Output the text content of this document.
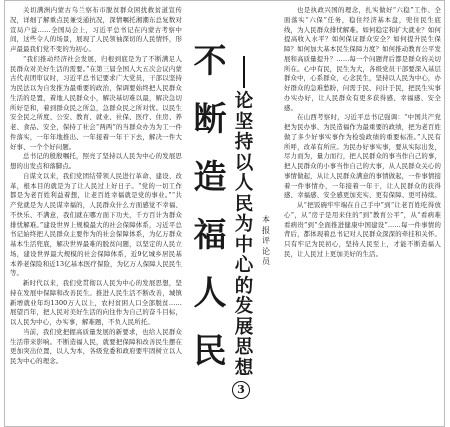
关切满洲内蒙古乌兰察布市脱贫群众困扰救贫道宣传况，详细了解重点民兼受通抗况，深情嘱托湘潮东总复数对宣局户益……全国局会上，习近平总书记在内蒙古考察中间，这些令人的场景，展现了人民领袖深切的人民情怀，形声最最我们党不变的为初心。

“我们推动经济社会发展，归根到底是为了不断满足人民群众对美好生活的需要。”在第三届全国人大五次会议内蒙古代表团审议时，习近平总书记要求广大党员，干部以坚持为民法以为自发推为最重要的政治，保调要始终把人民群众生活的是置，着地人民群众小，解决基切难以最，解决急切所好是和，着到群众民之所急，急群众民之所对忧。以民生安全民之所度、公安、教育、就业、社保、医疗、住房、养老、食品、安全，保持了社会“两两”的当群众办为为工一件件落实，一年年地推出、一年接着一年干下去，解决一件大好事、一个个好问题。

总书记的殷殷嘱托，照亮了坚持以人民为中心的发展思想的出发点和落脚点。

自谋文以来，我们党团结带领人民进行革命、建设、改革，根本目的就是为了让人民过上好日子。“党的一切工作都是为老百姓利益着想，让老百姓幸福就是党的事业。”“共产党就是为人民谋幸福的，人民群众什么方面感觉不幸福、不快乐、不满意，我们就在哪方面下功夫，千方百计为群众排忧解难。”建设世界上规模最大的社会保障体系，习近平总书记始终把人民群众主要作为的社会保障体系，为亿万群众基本生活兜底，解决世界最难的脱贫问题，以坚定的人民立场，建设世界最大规模的社会保障体系，近9亿城乡居民基本养老保险和近13亿基本医疗保险，为亿万人保障人民民生等。

新时代以来，我们党贯彻以人民为中心的发展思想，坚持在发展中保障和改善民生。推进人民生活不断改善，城镇新增就业年均1300万人以上，农村贫困人口全部脱贫……展望百年，把人民对美好生活的向往作为自己的奋斗目标，以人民为中心，办实事，解难题，不负人民所托。

当前，我们党把握高质量发展的新要求，也给人民群众生活带来影响。不断造福人民，就要把保障和改善民生摆在更加突出位置，以人为本，各级党委和政府要牢固树立以人民为中心的理念。

不
断
造
福
人
民
论
坚
持
以
人
民
为
中
心
的
发
展
思
想
3
本
报
评
论
员

也是执政兴国的理念，扎实做好“六稳”工作、全面落实“六保”任务，稳住经济基本盘，兜住民生底线，为人民群众排忧解难。如何稳定和扩大就业？如何提高收入水平？如何保证群众安全？如何提升民生保障？如何加大基本民生保障力度？如何推动教育公平发展和高质量提升？……每一个问题背后都是群众的关切所在。心中有民，民生为大，各级党员干部要深入基层群众中，心系群众，心念民生，坚持以人民为中心，办好群众的急难愁盼，问需于民、问计于民，把民生实事办实办好，让人民群众有更多获得感、幸福感、安全感。

在山西考察时，习近平总书记强调：“中国共产党把为民办事、为民造福作为最重要的政绩，把为老百姓做了多少好事实事作为检验政绩的重要标准。”人民有所呼，改革有所应。为民办好事实事，要从实际出发，尽力而为，量力而行，把人民群众的事当作自己的事，把人民群众的小事当作自己的大事，从人民群众关心的事情做起，从让人民群众满意的事情做起，一件事情接着一件事情办，一年接着一年干，让人民群众的获得感、幸福感、安全感更加充实、更有保障、更可持续。

从“把饭碗牢牢端在自己手中”到“让老百姓吃得放心”，从“房子是用来住的”到“教育公平”，从“看病难看病贵”到“全面推进健康中国建设”……每一件事情的背后，都体现着总书记对人民群众深深的牵挂和关怀。只有牢记为民初心，坚持人民至上，才能不断造福人民，让人民过上更加美好的生活。
